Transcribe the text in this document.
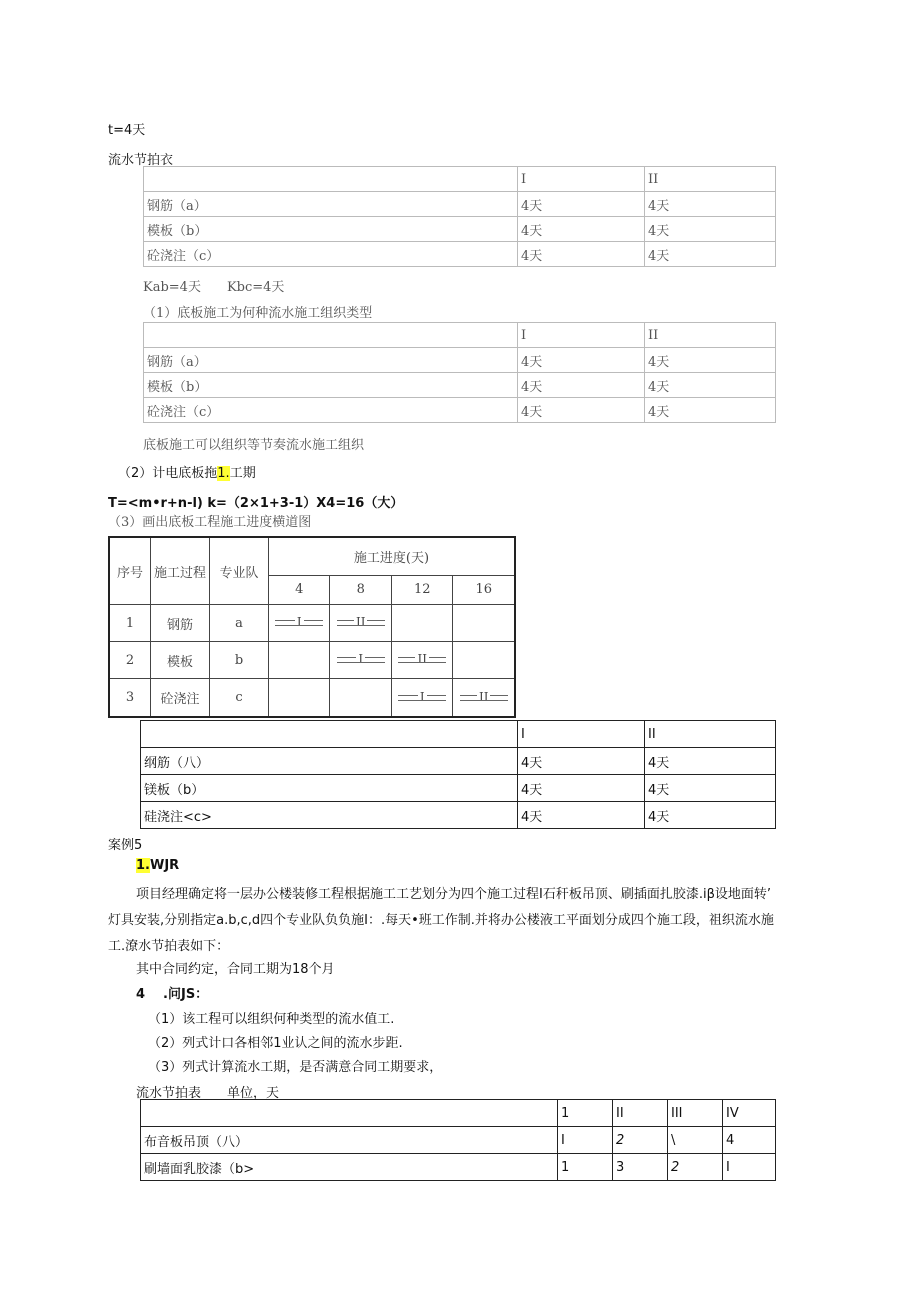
t=4天
流水节拍衣
	I	II
钢筋（a）	4天	4天
模板（b）	4天	4天
砼浇注（c）	4天	4天
Kab=4天　　Kbc=4天
（1）底板施工为何种流水施工组织类型
	I	II
钢筋（a）	4天	4天
模板（b）	4天	4天
砼浇注（c）	4天	4天
底板施工可以组织等节奏流水施工组织
（2）计电底板拖1.工期
T=<m•r+n-l) k=（2×1+3-1）X4=16（大）
（3）画出底板工程施工进度横道图
序号	施工过程	专业队	施工进度(天)			
			4	8	12	16
1	钢筋	a	I	II		
2	模板	b		I	II	
3	砼浇注	c			I	II
	I	II
纲筋（八）	4天	4天
镁板（b）	4天	4天
硅浇注<c>	4天	4天
案例5
1.WJR
项目经理确定将一层办公楼装修工程根据施工工艺划分为四个施工过程I石秆板吊顶、刷插面扎胶漆.iβ设地面转’
灯具安装,分别指定a.b,c,d四个专业队负负施I：.每天•班工作制.并将办公楼液工平面划分成四个施工段，祖织流水施
工.潦水节拍表如下：
其中合同约定，合同工期为18个月
4 .问JS：
（1）该工程可以组织何种类型的流水值工.
（2）列式计口各相邻1业认之间的流水步距.
（3）列式计算流水工期，是否满意合同工期要求，
流水节拍表　　单位，天
	1	II	III	IV
布音板吊顶（八）	I	2	\	4
刷墙面乳胶漆（b>	1	3	2	I
